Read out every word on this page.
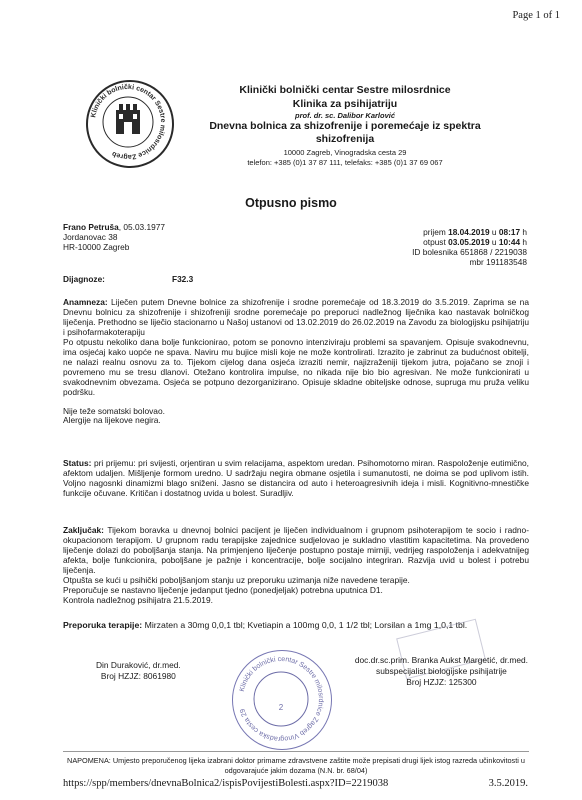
Page 1 of 1
Klinički bolnički centar Sestre milosrdnice Zagreb
Klinički bolnički centar Sestre milosrdnice
Klinika za psihijatriju
prof. dr. sc. Dalibor Karlović
Dnevna bolnica za shizofrenije i poremećaje iz spektra
shizofrenija
10000 Zagreb, Vinogradska cesta 29
telefon: +385 (0)1 37 87 111, telefaks: +385 (0)1 37 69 067
Otpusno pismo
Frano Petruša, 05.03.1977
Jordanovac 38
HR-10000 Zagreb
prijem 18.04.2019 u 08:17 h
otpust 03.05.2019 u 10:44 h
ID bolesnika 651868 / 2219038
mbr 191183548
Dijagnoze:	F32.3
Anamneza: Liječen putem Dnevne bolnice za shizofrenije i srodne poremećaje od 18.3.2019 do 3.5.2019. Zaprima se na Dnevnu bolnicu za shizofrenije i shizofreniji srodne poremećaje po preporuci nadležnog liječnika kao nastavak bolničkog liječenja. Prethodno se liječio stacionarno u Našoj ustanovi od 13.02.2019 do 26.02.2019 na Zavodu za biologijsku psihijatriju i psihofarmakoterapiju
Po otpustu nekoliko dana bolje funkcionirao, potom se ponovno intenziviraju problemi sa spavanjem. Opisuje svakodnevnu, ima osjećaj kako uopće ne spava. Naviru mu bujice misli koje ne može kontrolirati. Izrazito je zabrinut za budućnost obitelji, ne nalazi realnu osnovu za to. Tijekom cijelog dana osjeća izraziti nemir, najizraženiji tijekom jutra, pojačano se znoji i povremeno mu se tresu dlanovi. Otežano kontrolira impulse, no nikada nije bio bio agresivan. Ne može funkcionirati u svakodnevnim obvezama. Osjeća se potpuno dezorganizirano. Opisuje skladne obiteljske odnose, supruga mu pruža veliku podršku.
Nije teže somatski bolovao.
Alergije na lijekove negira.
Status: pri prijemu: pri svijesti, orjentiran u svim relacijama, aspektom uredan. Psihomotorno miran. Raspoloženje eutimično, afektom udaljen. Mišljenje formom uredno. U sadržaju negira obmane osjetila i sumanutosti, ne doima se pod uplivom istih. Voljno nagosnki dinamizmi blago sniženi. Jasno se distancira od auto i heteroagresivnih ideja i misli. Kognitivno-mnestičke funkcije očuvane. Kritičan i dostatnog uvida u bolest. Suradljiv.
Zaključak: Tijekom boravka u dnevnoj bolnici pacijent je liječen individualnom i grupnom psihoterapijom te socio i radno-okupacionom terapijom. U grupnom radu terapijske zajednice sudjelovao je sukladno vlastitim kapacitetima. Na provedeno liječenje dolazi do poboljšanja stanja. Na primjenjeno liječenje postupno postaje mirniji, vedrijeg raspoloženja i adekvatnijeg afekta, bolje funkcionira, poboljšane je pažnje i koncentracije, bolje socijalno integriran. Razvija uvid u bolest i potrebu liječenja.
Otpušta se kući u psihički poboljšanjom stanju uz preporuku uzimanja niže navedene terapije.
Preporučuje se nastavno liječenje jedanput tjedno (ponedjeljak) potrebna uputnica D1.
Kontrola nadležnog psihijatra 21.5.2019.
Preporuka terapije: Mirzaten a 30mg 0,0,1 tbl; Kvetiapin a 100mg 0,0, 1 1/2 tbl; Lorsilan a 1mg 1,0,1 tbl.
Din Duraković, dr.med.
Broj HZJZ: 8061980
doc.dr.sc.prim. Branka Aukst Margetić, dr.med.
subspecijalist biologijske psihijatrije
Broj HZJZ: 125300
Klinički bolnički centar Sestre milosrdnice Zagreb Vinogradska cesta 29	2
NAPOMENA: Umjesto preporučenog lijeka izabrani doktor primarne zdravstvene zaštite može prepisati drugi lijek istog razreda učinkovitosti u odgovarajuće jakim dozama (N.N. br. 68/04)
https://spp/members/dnevnaBolnica2/ispisPovijestiBolesti.aspx?ID=2219038	3.5.2019.
